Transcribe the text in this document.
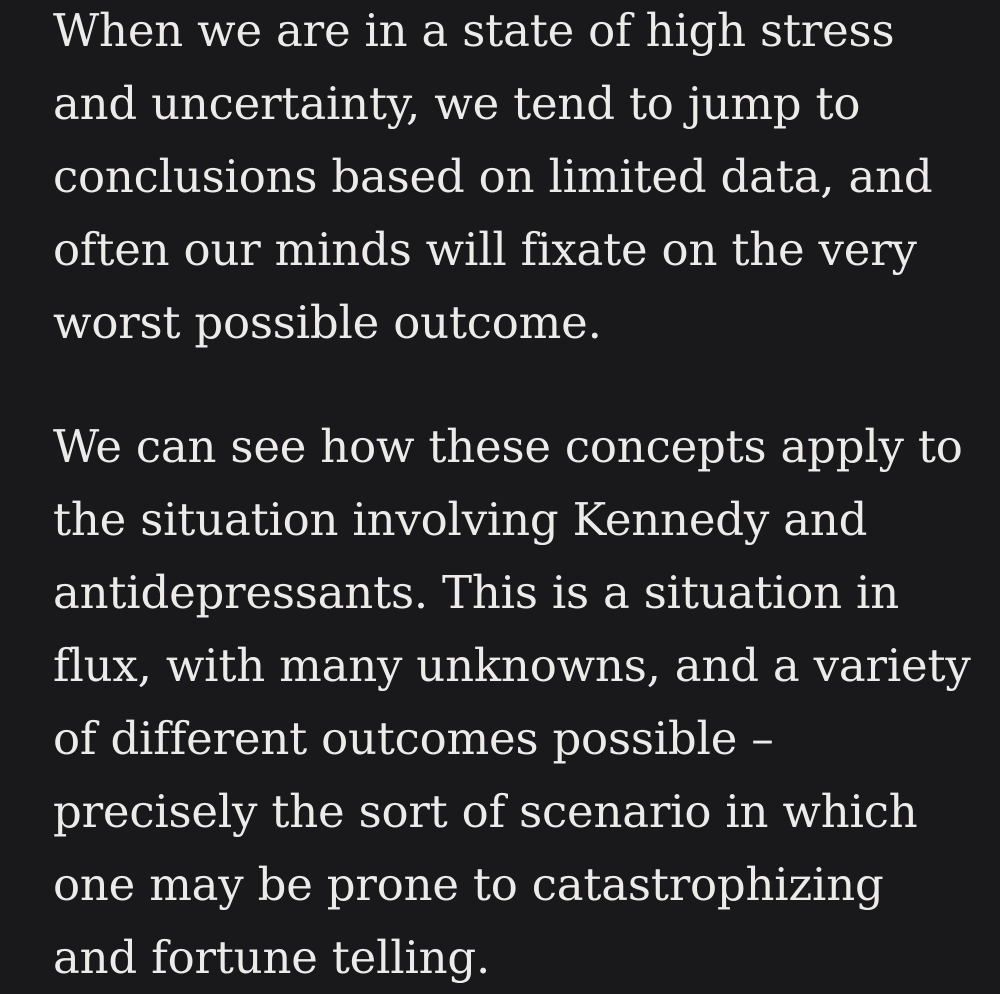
When we are in a state of high stress
and uncertainty, we tend to jump to
conclusions based on limited data, and
often our minds will fixate on the very
worst possible outcome.

We can see how these concepts apply to
the situation involving Kennedy and
antidepressants. This is a situation in
flux, with many unknowns, and a variety
of different outcomes possible –
precisely the sort of scenario in which
one may be prone to catastrophizing
and fortune telling.
